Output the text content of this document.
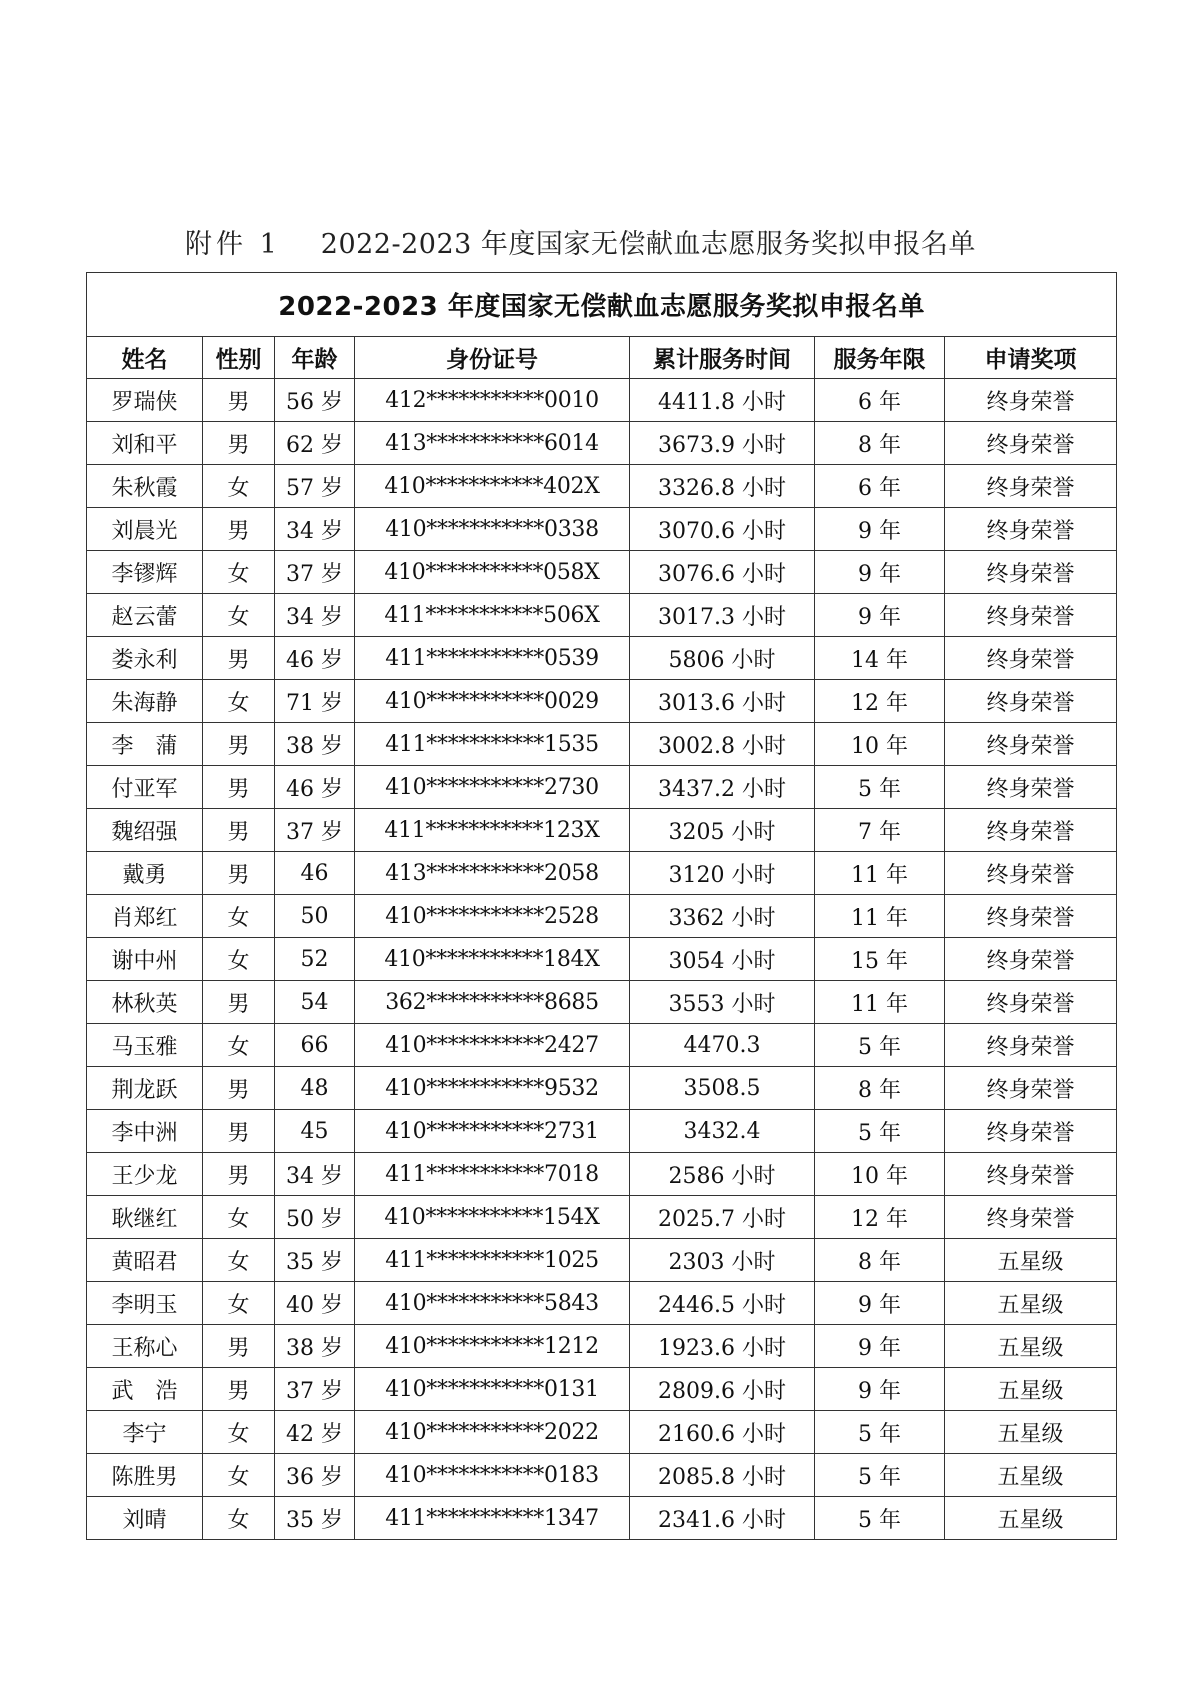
附件 1 2022-2023 年度国家无偿献血志愿服务奖拟申报名单
2022-2023 年度国家无偿献血志愿服务奖拟申报名单						
姓名	性别	年龄	身份证号	累计服务时间	服务年限	申请奖项
罗瑞侠	男	56 岁	412***********0010	4411.8 小时	6 年	终身荣誉
刘和平	男	62 岁	413***********6014	3673.9 小时	8 年	终身荣誉
朱秋霞	女	57 岁	410***********402X	3326.8 小时	6 年	终身荣誉
刘晨光	男	34 岁	410***********0338	3070.6 小时	9 年	终身荣誉
李镠辉	女	37 岁	410***********058X	3076.6 小时	9 年	终身荣誉
赵云蕾	女	34 岁	411***********506X	3017.3 小时	9 年	终身荣誉
娄永利	男	46 岁	411***********0539	5806 小时	14 年	终身荣誉
朱海静	女	71 岁	410***********0029	3013.6 小时	12 年	终身荣誉
李　蒲	男	38 岁	411***********1535	3002.8 小时	10 年	终身荣誉
付亚军	男	46 岁	410***********2730	3437.2 小时	5 年	终身荣誉
魏绍强	男	37 岁	411***********123X	3205 小时	7 年	终身荣誉
戴勇	男	46	413***********2058	3120 小时	11 年	终身荣誉
肖郑红	女	50	410***********2528	3362 小时	11 年	终身荣誉
谢中州	女	52	410***********184X	3054 小时	15 年	终身荣誉
林秋英	男	54	362***********8685	3553 小时	11 年	终身荣誉
马玉雅	女	66	410***********2427	4470.3	5 年	终身荣誉
荆龙跃	男	48	410***********9532	3508.5	8 年	终身荣誉
李中洲	男	45	410***********2731	3432.4	5 年	终身荣誉
王少龙	男	34 岁	411***********7018	2586 小时	10 年	终身荣誉
耿继红	女	50 岁	410***********154X	2025.7 小时	12 年	终身荣誉
黄昭君	女	35 岁	411***********1025	2303 小时	8 年	五星级
李明玉	女	40 岁	410***********5843	2446.5 小时	9 年	五星级
王称心	男	38 岁	410***********1212	1923.6 小时	9 年	五星级
武　浩	男	37 岁	410***********0131	2809.6 小时	9 年	五星级
李宁	女	42 岁	410***********2022	2160.6 小时	5 年	五星级
陈胜男	女	36 岁	410***********0183	2085.8 小时	5 年	五星级
刘晴	女	35 岁	411***********1347	2341.6 小时	5 年	五星级
